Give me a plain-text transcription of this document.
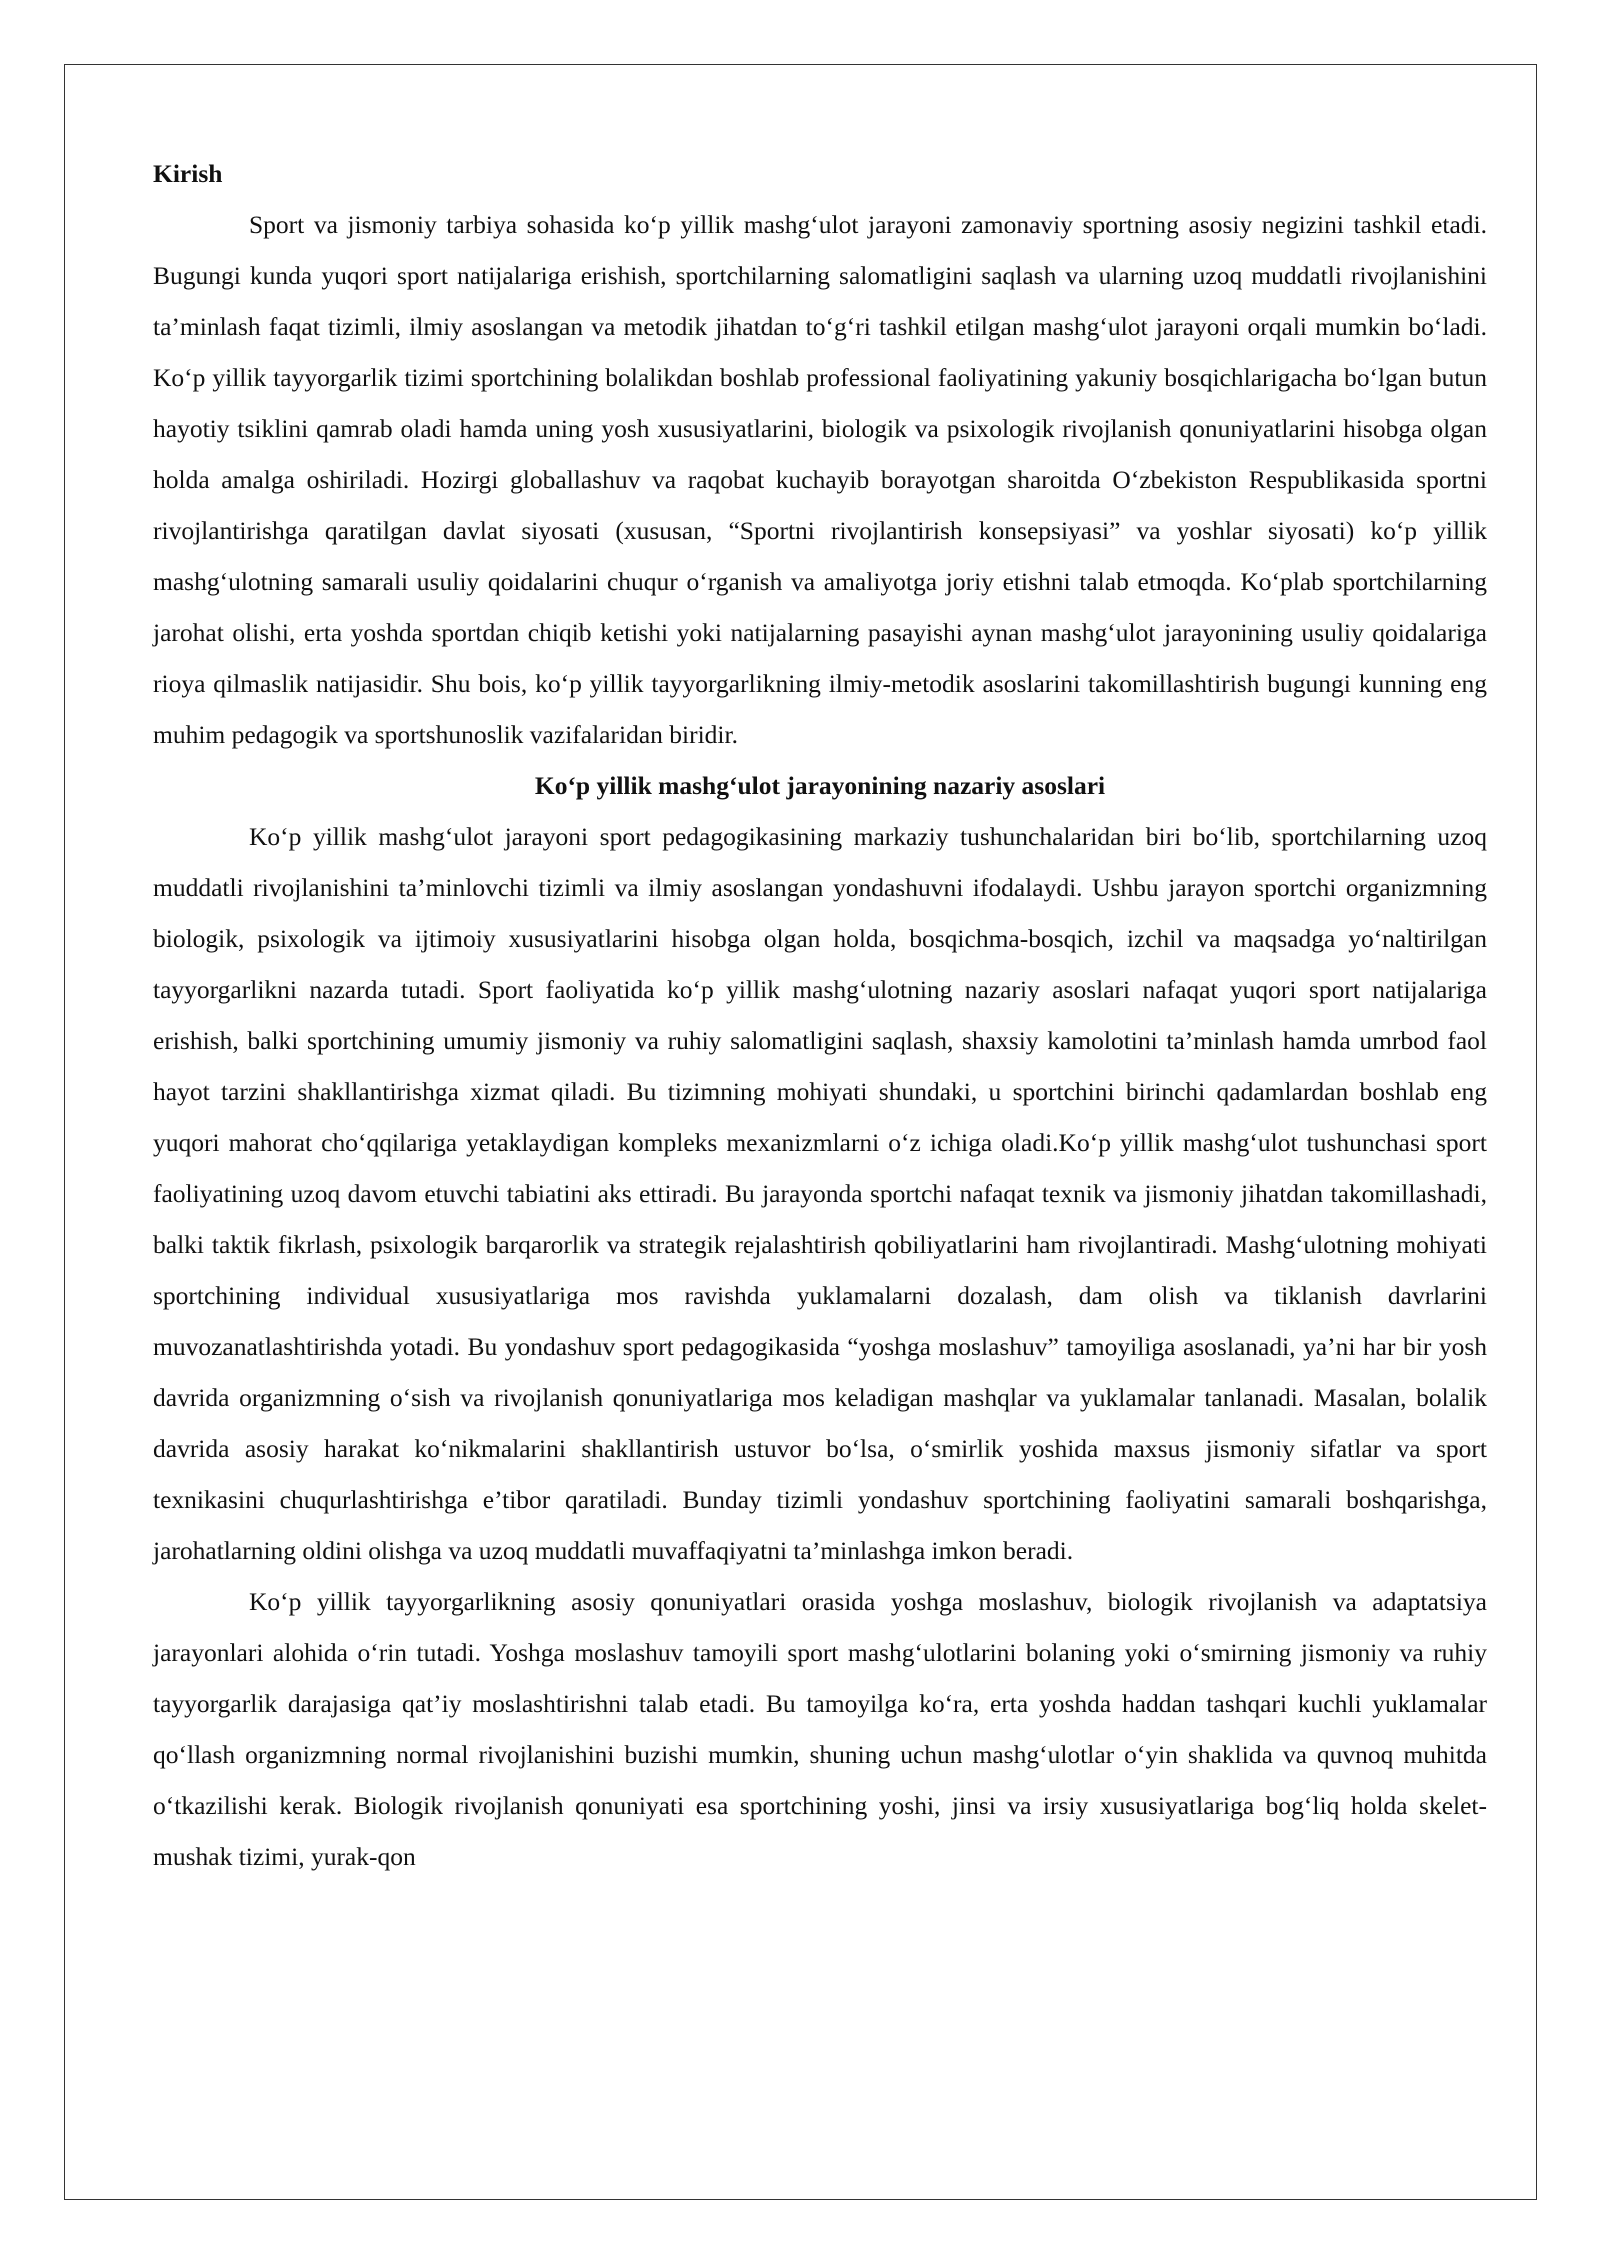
Kirish

Sport va jismoniy tarbiya sohasida ko‘p yillik mashg‘ulot jarayoni zamonaviy sportning asosiy negizini tashkil etadi. Bugungi kunda yuqori sport natijalariga erishish, sportchilarning salomatligini saqlash va ularning uzoq muddatli rivojlanishini ta’minlash faqat tizimli, ilmiy asoslangan va metodik jihatdan to‘g‘ri tashkil etilgan mashg‘ulot jarayoni orqali mumkin bo‘ladi. Ko‘p yillik tayyorgarlik tizimi sportchining bolalikdan boshlab professional faoliyatining yakuniy bosqichlarigacha bo‘lgan butun hayotiy tsiklini qamrab oladi hamda uning yosh xususiyatlarini, biologik va psixologik rivojlanish qonuniyatlarini hisobga olgan holda amalga oshiriladi. Hozirgi globallashuv va raqobat kuchayib borayotgan sharoitda O‘zbekiston Respublikasida sportni rivojlantirishga qaratilgan davlat siyosati (xususan, “Sportni rivojlantirish konsepsiyasi” va yoshlar siyosati) ko‘p yillik mashg‘ulotning samarali usuliy qoidalarini chuqur o‘rganish va amaliyotga joriy etishni talab etmoqda. Ko‘plab sportchilarning jarohat olishi, erta yoshda sportdan chiqib ketishi yoki natijalarning pasayishi aynan mashg‘ulot jarayonining usuliy qoidalariga rioya qilmaslik natijasidir. Shu bois, ko‘p yillik tayyorgarlikning ilmiy-metodik asoslarini takomillashtirish bugungi kunning eng muhim pedagogik va sportshunoslik vazifalaridan biridir.

Ko‘p yillik mashg‘ulot jarayonining nazariy asoslari

Ko‘p yillik mashg‘ulot jarayoni sport pedagogikasining markaziy tushunchalaridan biri bo‘lib, sportchilarning uzoq muddatli rivojlanishini ta’minlovchi tizimli va ilmiy asoslangan yondashuvni ifodalaydi. Ushbu jarayon sportchi organizmning biologik, psixologik va ijtimoiy xususiyatlarini hisobga olgan holda, bosqichma-bosqich, izchil va maqsadga yo‘naltirilgan tayyorgarlikni nazarda tutadi. Sport faoliyatida ko‘p yillik mashg‘ulotning nazariy asoslari nafaqat yuqori sport natijalariga erishish, balki sportchining umumiy jismoniy va ruhiy salomatligini saqlash, shaxsiy kamolotini ta’minlash hamda umrbod faol hayot tarzini shakllantirishga xizmat qiladi. Bu tizimning mohiyati shundaki, u sportchini birinchi qadamlardan boshlab eng yuqori mahorat cho‘qqilariga yetaklaydigan kompleks mexanizmlarni o‘z ichiga oladi.Ko‘p yillik mashg‘ulot tushunchasi sport faoliyatining uzoq davom etuvchi tabiatini aks ettiradi. Bu jarayonda sportchi nafaqat texnik va jismoniy jihatdan takomillashadi, balki taktik fikrlash, psixologik barqarorlik va strategik rejalashtirish qobiliyatlarini ham rivojlantiradi. Mashg‘ulotning mohiyati sportchining individual xususiyatlariga mos ravishda yuklamalarni dozalash, dam olish va tiklanish davrlarini muvozanatlashtirishda yotadi. Bu yondashuv sport pedagogikasida “yoshga moslashuv” tamoyiliga asoslanadi, ya’ni har bir yosh davrida organizmning o‘sish va rivojlanish qonuniyatlariga mos keladigan mashqlar va yuklamalar tanlanadi. Masalan, bolalik davrida asosiy harakat ko‘nikmalarini shakllantirish ustuvor bo‘lsa, o‘smirlik yoshida maxsus jismoniy sifatlar va sport texnikasini chuqurlashtirishga e’tibor qaratiladi. Bunday tizimli yondashuv sportchining faoliyatini samarali boshqarishga, jarohatlarning oldini olishga va uzoq muddatli muvaffaqiyatni ta’minlashga imkon beradi.

Ko‘p yillik tayyorgarlikning asosiy qonuniyatlari orasida yoshga moslashuv, biologik rivojlanish va adaptatsiya jarayonlari alohida o‘rin tutadi. Yoshga moslashuv tamoyili sport mashg‘ulotlarini bolaning yoki o‘smirning jismoniy va ruhiy tayyorgarlik darajasiga qat’iy moslashtirishni talab etadi. Bu tamoyilga ko‘ra, erta yoshda haddan tashqari kuchli yuklamalar qo‘llash organizmning normal rivojlanishini buzishi mumkin, shuning uchun mashg‘ulotlar o‘yin shaklida va quvnoq muhitda o‘tkazilishi kerak. Biologik rivojlanish qonuniyati esa sportchining yoshi, jinsi va irsiy xususiyatlariga bog‘liq holda skelet-mushak tizimi, yurak-qon
